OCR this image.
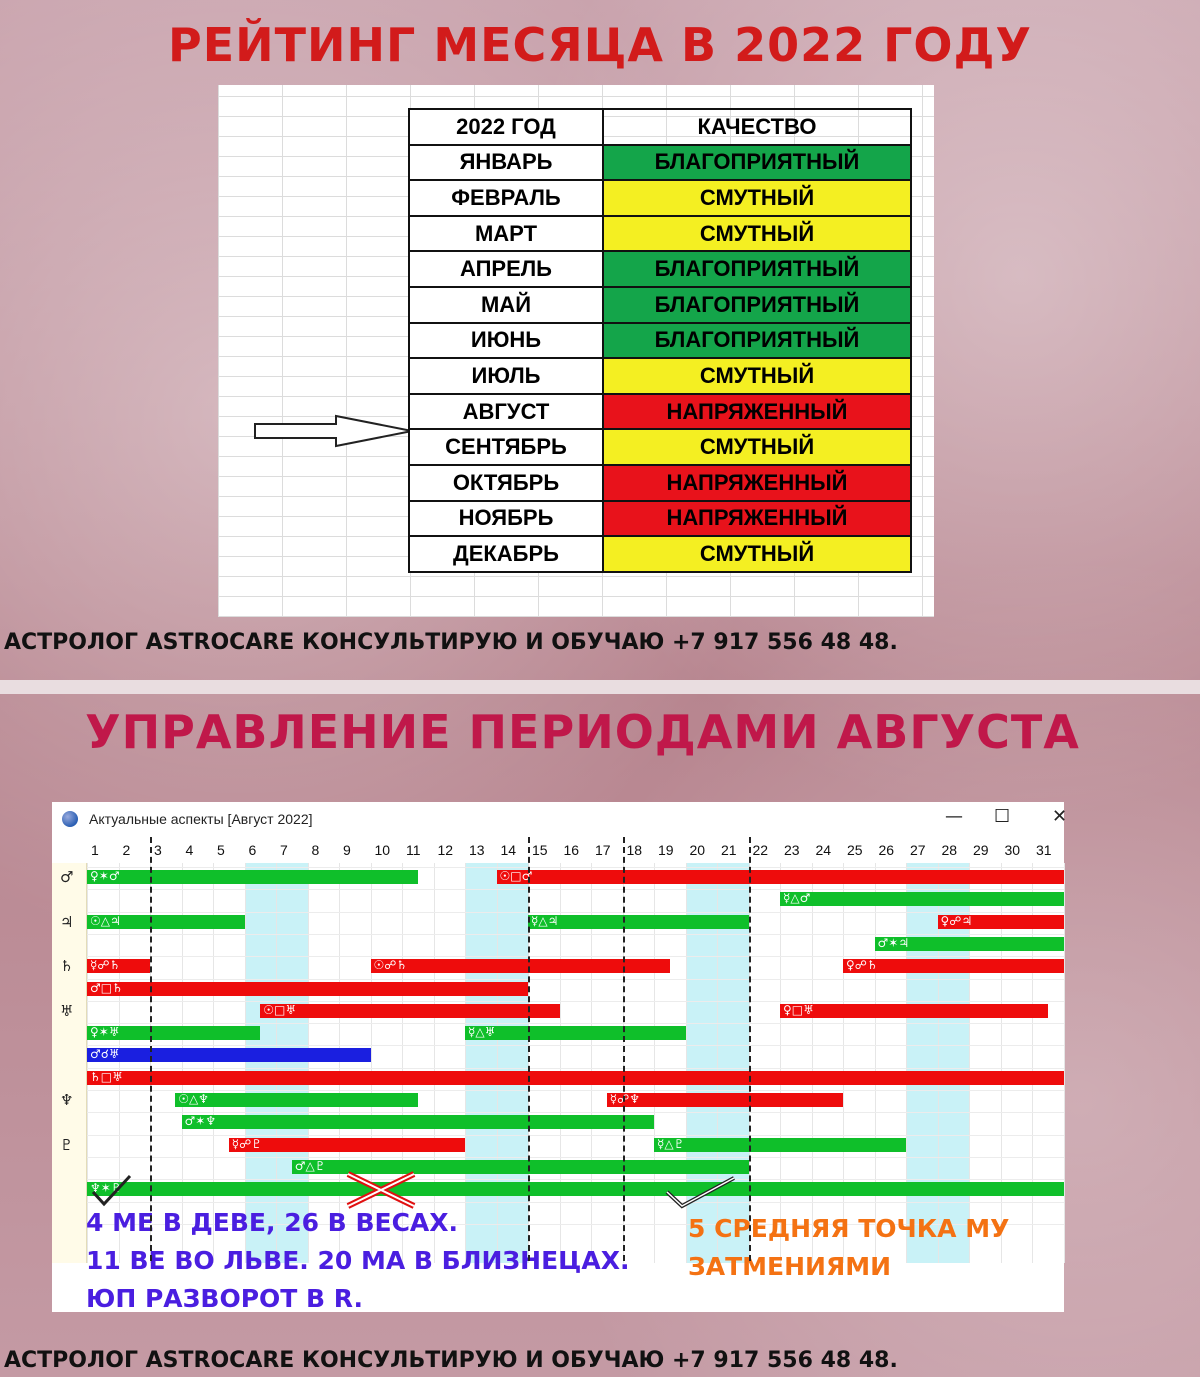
РЕЙТИНГ МЕСЯЦА В 2022 ГОДУ
2022 ГОД	КАЧЕСТВО
ЯНВАРЬ	БЛАГОПРИЯТНЫЙ
ФЕВРАЛЬ	СМУТНЫЙ
МАРТ	СМУТНЫЙ
АПРЕЛЬ	БЛАГОПРИЯТНЫЙ
МАЙ	БЛАГОПРИЯТНЫЙ
ИЮНЬ	БЛАГОПРИЯТНЫЙ
ИЮЛЬ	СМУТНЫЙ
АВГУСТ	НАПРЯЖЕННЫЙ
СЕНТЯБРЬ	СМУТНЫЙ
ОКТЯБРЬ	НАПРЯЖЕННЫЙ
НОЯБРЬ	НАПРЯЖЕННЫЙ
ДЕКАБРЬ	СМУТНЫЙ
АСТРОЛОГ ASTROCARE КОНСУЛЬТИРУЮ И ОБУЧАЮ +7 917 556 48 48.
УПРАВЛЕНИЕ ПЕРИОДАМИ АВГУСТА
Актуальные аспекты [Август 2022]	— ☐ ✕
1 2 3 4 5 6 7 8 9 10 11 12 13 14 15 16 17 18 19 20 21 22 23 24 25 26 27 28 29 30 31
♂
♃
♄
♅
♆
♇
♀✶♂	☉□♂
☿△♂
☉△♃	☿△♃	♀☍♃
♂✶♃
☿☍♄	☉☍♄	♀☍♄
♂□♄
☉□♅	♀□♅
♀✶♅	☿△♅
♂☌♅
♄□♅
☉△♆	☿☍♆
♂✶♆
☿☍♇	☿△♇
♂△♇
♆✶♇
4 МЕ В ДЕВЕ, 26 В ВЕСАХ.
11 ВЕ ВО ЛЬВЕ. 20 МА В БЛИЗНЕЦАХ.
ЮП РАЗВОРОТ В R.
5 СРЕДНЯЯ ТОЧКА МУ
ЗАТМЕНИЯМИ
АСТРОЛОГ ASTROCARE КОНСУЛЬТИРУЮ И ОБУЧАЮ +7 917 556 48 48.
